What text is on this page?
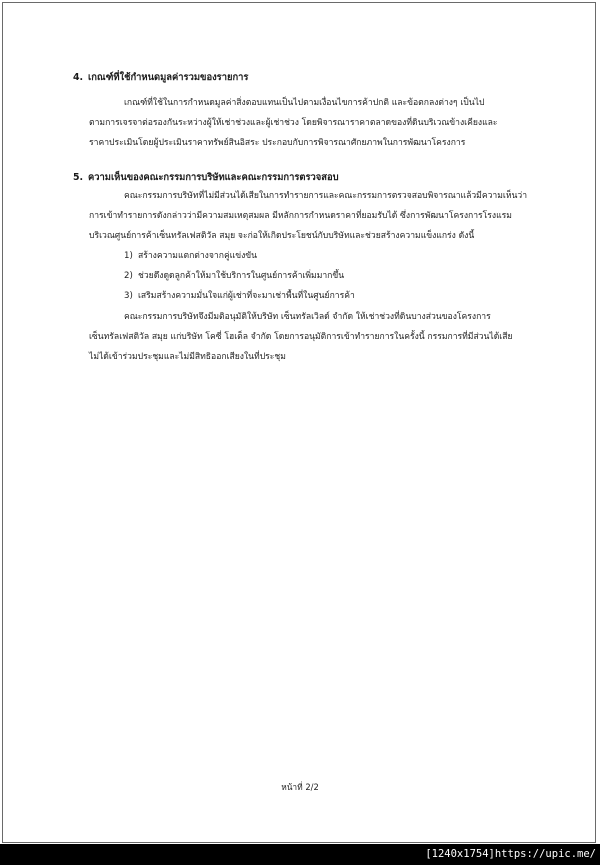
4. เกณฑ์ที่ใช้กำหนดมูลค่ารวมของรายการ
เกณฑ์ที่ใช้ในการกำหนดมูลค่าสิ่งตอบแทนเป็นไปตามเงื่อนไขการค้าปกติ และข้อตกลงต่างๆ เป็นไป
ตามการเจรจาต่อรองกันระหว่างผู้ให้เช่าช่วงและผู้เช่าช่วง โดยพิจารณาราคาตลาดของที่ดินบริเวณข้างเคียงและ
ราคาประเมินโดยผู้ประเมินราคาทรัพย์สินอิสระ ประกอบกับการพิจารณาศักยภาพในการพัฒนาโครงการ
5. ความเห็นของคณะกรรมการบริษัทและคณะกรรมการตรวจสอบ
คณะกรรมการบริษัทที่ไม่มีส่วนได้เสียในการทำรายการและคณะกรรมการตรวจสอบพิจารณาแล้วมีความเห็นว่า
การเข้าทำรายการดังกล่าวว่ามีความสมเหตุสมผล มีหลักการกำหนดราคาที่ยอมรับได้ ซึ่งการพัฒนาโครงการโรงแรม
บริเวณศูนย์การค้าเซ็นทรัลเฟสติวัล สมุย จะก่อให้เกิดประโยชน์กับบริษัทและช่วยสร้างความแข็งแกร่ง ดังนี้
1) สร้างความแตกต่างจากคู่แข่งขัน
2) ช่วยดึงดูดลูกค้าให้มาใช้บริการในศูนย์การค้าเพิ่มมากขึ้น
3) เสริมสร้างความมั่นใจแก่ผู้เช่าที่จะมาเช่าพื้นที่ในศูนย์การค้า
คณะกรรมการบริษัทจึงมีมติอนุมัติให้บริษัท เซ็นทรัลเวิลด์ จำกัด ให้เช่าช่วงที่ดินบางส่วนของโครงการ
เซ็นทรัลเฟสติวัล สมุย แก่บริษัท โคซี่ โฮเต็ล จำกัด โดยการอนุมัติการเข้าทำรายการในครั้งนี้ กรรมการที่มีส่วนได้เสีย
ไม่ได้เข้าร่วมประชุมและไม่มีสิทธิออกเสียงในที่ประชุม
หน้าที่ 2/2
[1240x1754]https://upic.me/
